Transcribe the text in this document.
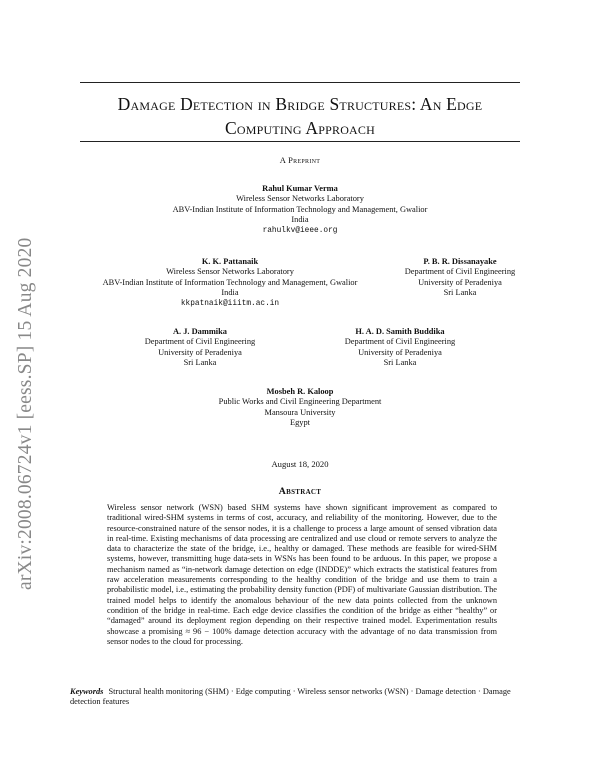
arXiv:2008.06724v1 [eess.SP] 15 Aug 2020
Damage Detection in Bridge Structures: An Edge
Computing Approach
A Preprint
Rahul Kumar Verma
Wireless Sensor Networks Laboratory
ABV-Indian Institute of Information Technology and Management, Gwalior
India
rahulkv@ieee.org
K. K. Pattanaik
Wireless Sensor Networks Laboratory
ABV-Indian Institute of Information Technology and Management, Gwalior
India
kkpatnaik@iiitm.ac.in
P. B. R. Dissanayake
Department of Civil Engineering
University of Peradeniya
Sri Lanka
A. J. Dammika
Department of Civil Engineering
University of Peradeniya
Sri Lanka
H. A. D. Samith Buddika
Department of Civil Engineering
University of Peradeniya
Sri Lanka
Mosbeh R. Kaloop
Public Works and Civil Engineering Department
Mansoura University
Egypt
August 18, 2020
Abstract
Wireless sensor network (WSN) based SHM systems have shown significant improvement as compared to traditional wired-SHM systems in terms of cost, accuracy, and reliability of the monitoring. However, due to the resource-constrained nature of the sensor nodes, it is a challenge to process a large amount of sensed vibration data in real-time. Existing mechanisms of data processing are centralized and use cloud or remote servers to analyze the data to characterize the state of the bridge, i.e., healthy or damaged. These methods are feasible for wired-SHM systems, however, transmitting huge data-sets in WSNs has been found to be arduous. In this paper, we propose a mechanism named as “in-network damage detection on edge (INDDE)” which extracts the statistical features from raw acceleration measurements corresponding to the healthy condition of the bridge and use them to train a probabilistic model, i.e., estimating the probability density function (PDF) of multivariate Gaussian distribution. The trained model helps to identify the anomalous behaviour of the new data points collected from the unknown condition of the bridge in real-time. Each edge device classifies the condition of the bridge as either “healthy” or “damaged” around its deployment region depending on their respective trained model. Experimentation results showcase a promising ≈ 96 − 100% damage detection accuracy with the advantage of no data transmission from sensor nodes to the cloud for processing.
Keywords Structural health monitoring (SHM) · Edge computing · Wireless sensor networks (WSN) · Damage detection · Damage detection features
